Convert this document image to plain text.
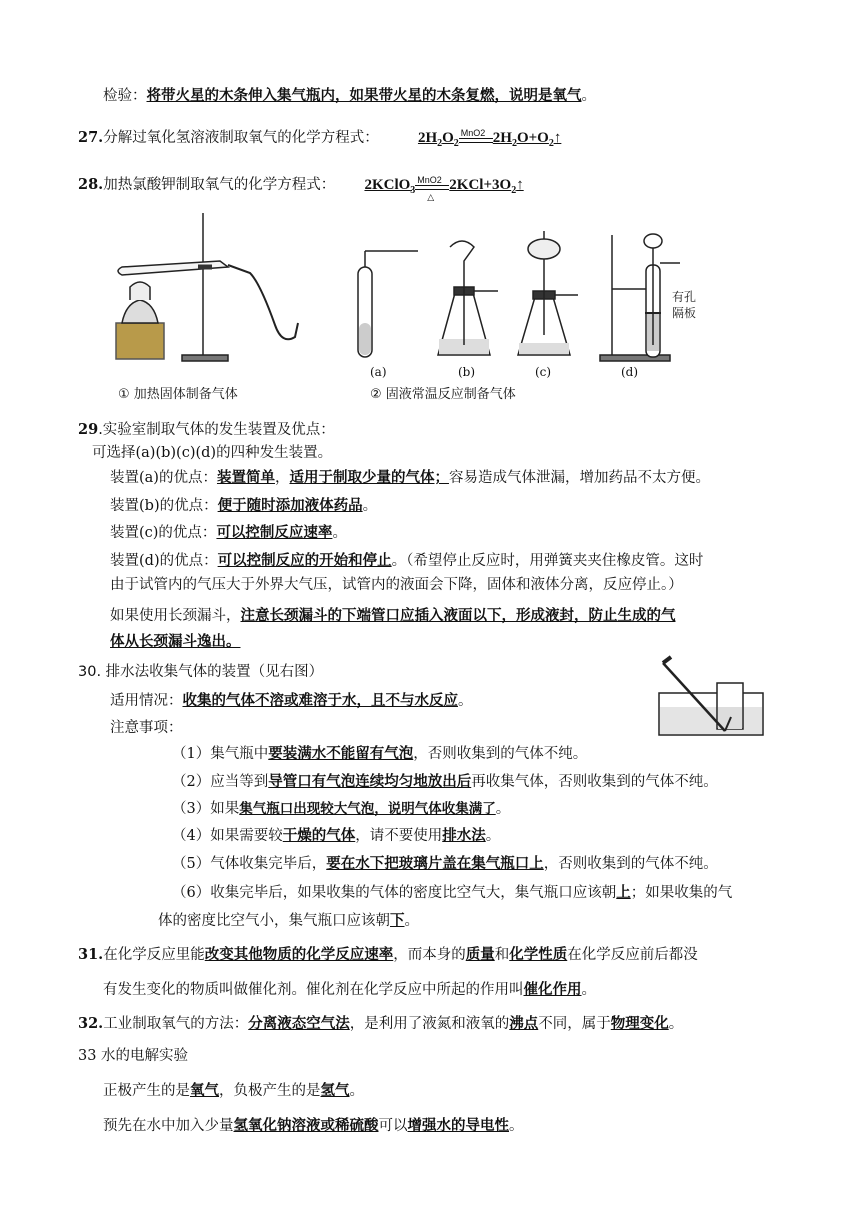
检验：将带火星的木条伸入集气瓶内，如果带火星的木条复燃，说明是氧气。
27.分解过氧化氢溶液制取氧气的化学方程式：	$2H_2O_2$
MnO2 $2H_2O+O_2↑$
28.加热氯酸钾制取氧气的化学方程式： 2KClO$_3$
MnO2
△
$2KCl+3O_2↑$
有孔
隔板
(a)	(b)	(c)	(d)
① 加热固体制备气体	② 固液常温反应制备气体
29.实验室制取气体的发生装置及优点：
可选择(a)(b)(c)(d)的四种发生装置。
装置(a)的优点：装置简单，适用于制取少量的气体；容易造成气体泄漏，增加药品不太方便。
装置(b)的优点：便于随时添加液体药品。
装置(c)的优点：可以控制反应速率。
装置(d)的优点：可以控制反应的开始和停止。（希望停止反应时，用弹簧夹夹住橡皮管。这时
由于试管内的气压大于外界大气压，试管内的液面会下降，固体和液体分离，反应停止。）
如果使用长颈漏斗，注意长颈漏斗的下端管口应插入液面以下，形成液封，防止生成的气
体从长颈漏斗逸出。
30. 排水法收集气体的装置（见右图）
适用情况：收集的气体不溶或难溶于水，且不与水反应。
注意事项：
（1）集气瓶中要装满水不能留有气泡，否则收集到的气体不纯。
（2）应当等到导管口有气泡连续均匀地放出后再收集气体，否则收集到的气体不纯。
（3）如果集气瓶口出现较大气泡，说明气体收集满了。
（4）如果需要较干燥的气体，请不要使用排水法。
（5）气体收集完毕后，要在水下把玻璃片盖在集气瓶口上，否则收集到的气体不纯。
（6）收集完毕后，如果收集的气体的密度比空气大，集气瓶口应该朝上；如果收集的气
体的密度比空气小，集气瓶口应该朝下。
31.在化学反应里能改变其他物质的化学反应速率，而本身的质量和化学性质在化学反应前后都没
有发生变化的物质叫做催化剂。催化剂在化学反应中所起的作用叫催化作用。
32.工业制取氧气的方法：分离液态空气法，是利用了液氮和液氧的沸点不同，属于物理变化。
33 水的电解实验
正极产生的是氧气，负极产生的是氢气。
预先在水中加入少量氢氧化钠溶液或稀硫酸可以增强水的导电性。
